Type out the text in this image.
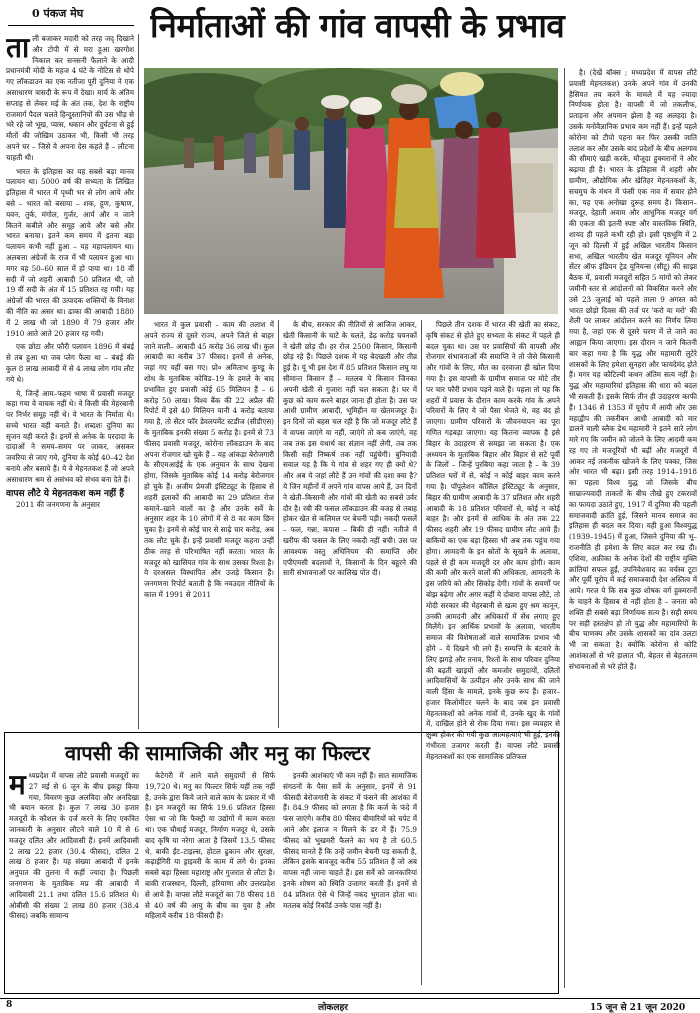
0 पंकज मेघ	निर्माताओं की गांव वापसी के प्रभाव

ताली बजाकर मदारी को तरह जद् दिखाने और टोपी में से मरा हुआ खरगोश निकाल कर सनसनी फैलाने के आदी प्रधानमंत्री मोदी के महज 4 घंटे के नोटिस से थोपे गए लॉकडाउन का एक नतीजा पूरी दुनिया ने एक असाधारण त्रासदी के रूप में देखा। मार्च के अंतिम सप्ताह से लेकर मई के अंत तक, देश के राष्ट्रीय राजमार्ग पैदल चलते हिन्दुस्तानियों की उस भीड़ से भरे रहे जो भूख, प्यास, थकान और दुर्घटना से हुई मौतों की जोखिम उठाकर भी, किसी भी तरह अपने घर – जिसे वे अपना देस कहते हैं – लौटना चाहती थी।

भारत के इतिहास का यह सबसे बड़ा मानव पलायन था। 5000 वर्ष की सभ्यता के लिखित इतिहास में भारत में पृथ्वी भर से लोग आये और बसे – भारत को बसाया – शक, हूण, कुषाण, यवन, तुर्क, मंगोल, गुर्जर, आर्य और न जाने कितने कबीले और समूह आये और बसे और भारत बनाया। इतने कम समय में इतना बड़ा पलायन कभी नहीं हुआ – यह महापलायन था। अलबत्ता अंग्रेजों के राज में भी पलायन हुआ था। मगर वह 50–60 साल में हो पाया था। 18 वीं सदी में जो शहरी आबादी 50 प्रतिशत थी, जो 19 वीं सदी के अंत में 15 प्रतिशत रह गयी। यह अंग्रेजों की भारत की उत्पादक शक्तियों के विनाश की नीति का असर था। ढाका की आबादी 1880 में 2 लाख थी जो 1890 में 79 हजार और 1910 आते आते 20 हजार रह गयी।

एक छोटा और फौरी पलायन 1896 में बंबई से तब हुआ था जब प्लेग फैला था – बंबई की कुल 8 लाख आबादी में से 4 लाख लोग गांव लौट गये थे।

ये, जिन्हें आम–फहम भाषा में प्रवासी मजदूर कहा गया वे वाचक नहीं थे। वे किसी की मेहरबानी पर निर्भर समूह नहीं थे। ये भारत के निर्माता थे। सच्चे भारत वही बनाते हैं। शब्दशः दुनिया का सृजन यही करते हैं। इनमें से अनेक के परदादा के दादाओं ने समय–समय पर जाकर, असकर जवरिया से जाए गये, दुनिया के कोई 40–42 देश बनाये और बसाये हैं। ये वे मेहनतकश हैं जो अपने असाधारण श्रम से असंभव को संभव बना देते हैं।

वापस लौटे ये मेहनतकश कम नहीं हैं

2011 की जनगणना के अनुसार

भारत में कुल प्रवासी – काम की तलाश में अपने राज्य से दूसरे राज्य, अपने जिले से बाहर जाने वाली– आबादी 45 करोड़ 36 लाख थी। कुल आबादी का करीब 37 फीसद। इनमें से अनेक, जहां गए वहीं बस गए। प्रो० अमिताभ कुण्डू के शोध के मुताबिक कोविड–19 के हमले के बाद प्रभावित हुए प्रवासी कोई 65 मिलियन हैं – 6 करोड़ 50 लाख। विश्व बैंक की 22 अप्रैल की रिपोर्ट में इसे 40 मिलियन यानी 4 करोड़ बताया गया है, तो सेंटर फॉर डेवलपमेंट स्टडीज (सीडीएस) के मुताबिक इनकी संख्या 5 करोड़ है। इनमें से 73 फीसद प्रवासी मजदूर, कोरोना लॉकडाउन के बाद अपना रोजगार खो चुके हैं – यह आंकड़ा बेरोजगारी के सीएमआईई के एक अनुमान के साथ देखना होगा, जिसके मुताबिक कोई 14 करोड़ बेरोजगार हो चुके हैं। अजीम प्रेमजी इंस्टिट्यूट के हिसाब से शहरी इलाकों की आबादी का 29 प्रतिशत रोज कमाने–खाने वालों का है और उनके सर्वे के अनुसार शहर के 10 लोगों में से 8 का काम छिन चुका है। इनमें से कोई चार से साढ़े चार करोड़, अब तक लौट चुके हैं। इन्हें प्रवासी मजदूर कहना उन्हीं ठीक तरह से परिभाषित नहीं करता। भारत के मजदूर को खासियत गांव के साथ उसका रिश्ता है। ये दरअसल विस्थापित और उजड़े किसान हैं। जनगणना रिपोर्ट बताती है कि नवउदार नीतियों के काल में 1991 से 2011

के बीच, सरकार की नीतियों से आजिज आकर, खेती किसानी के घाटे के चलते, डेढ़ करोड़ चयनकों ने खेती छोड़ दी। हर रोज 2500 किसान, किसानी छोड़ रहे हैं। पिछले दशक में यह बेदखली और तीव्र हुई है। यूं भी इस देश में 85 प्रतिशत किसान लघु या सीमान्त किसान हैं – मतलब ये किसान जिनका अपनी खेती से गुजारा नहीं चल सकता है। घर में कुछ को काम करने बाहर जाना ही होता है। उस पर आधी ग्रामीण आबादी, भूमिहीन या खेतमजदूर है। इन दिनों जो बहस चल रही है कि जो मजदूर लौटे हैं वे वापस जाएंगे या नहीं, जाएंगे तो कब जाएंगे, वह जब तक इस यथार्थ का संज्ञान नहीं लेगी, तब तक किसी सही निष्कर्ष तक नहीं पहुंचेगी। बुनियादी सवाल यह है कि ये गांव से शहर गए ही क्यों थे? और अब ये जहां लौटे हैं उन गांवों की दशा क्या है? ये जिन महीनों में अपने गांव वापस आये हैं, उन दिनों ने खेती–किसानी और गांवों की खेती का सबसे उर्वर दौर है। रबी की फसल लॉकडाउन की वजह से तबाह होकर खेत से कलिमल पर बेचनी पड़ी। नकदी फसलें – फल, गन्ना, कपास – बिकी ही नहीं। नतीजे में खरीफ की फसल के लिए नकदी नहीं बची। उस पर आवश्यक वस्तु अधिनियम की समाप्ति और एपीएमसी बदलावों ने, किसानों के दिन बहुरने की सारी संभावनाओं पर कालिख पोत दी।

पिछले तीन दशक में भारत की खेती का संकट, कृषि संकट से होते हुए सभ्यता के संकट में पहले ही बदल चुका था। उस पर प्रवासियों की वापसी और रोजगार संभावनाओं की समाप्ति ने तो जैसे किसानी और गांवों के लिए, मौत का दरवाजा ही खोल दिया गया है। इस वापसी के ग्रामीण समाज पर मोटे तौर पर चार फौरी प्रभाव पड़ने वाले हैं। पहला तो यह कि शहरों में प्रवास के दौरान काम करके गांव के अपने परिवारों के लिए ये जो पैसा भेजते थे, वह बंद हो जाएगा। ग्रामीण परिवारों के जीवनयापन का पूरा गणित गड़बड़ा जाएगा। यह कितना व्यापक है इसे बिहार के उदाहरण से समझा जा सकता है। एक अध्ययन के मुताबिक बिहार और बिहार से सटे पूर्वी के जिलों – जिन्हें पुरबिया कहा जाता है – के 39 प्रतिशत घरों में से, कोई न कोई बाहर काम करने गया है। पॉपुलेशन कौंसिल इंस्टिट्यूट के अनुसार, बिहार की ग्रामीण आबादी के 37 प्रतिशत और शहरी आबादी के 18 प्रतिशत परिवारों से, कोई न कोई बाहर है। और इनमें से आधिक के अंत तक 22 फीसद शहरी और 19 फीसद ग्रामीण लौट आये हैं। बाकियों का एक बड़ा हिस्सा भी अब तक पहुंच गया होगा। आमदनी के इन स्रोतों के सूखने के अलावा, पहले से ही कम मजदूरी दर और काम होगी। काम की कमी और करने वालों की अधिकता, आमदनी के इस जरिये को और सिकोड़ देगी। गांवों के सवर्णों पर बोझ बढ़ेगा और अगर कहीं ये दोबारा वापस लौटे, तो मोदी सरकार की मेहरबानी से खत्म हुए श्रम कानून, उनकी आमदनी और अधिकारों में सेंध लगाए हुए मिलेंगे। इन आर्थिक प्रभावों के अलावा, भारतीय समाज की विशेषताओं वाले सामाजिक प्रभाव भी होंगे – ये दिखने भी लगे हैं। सम्पत्ति के बंटवारे के लिए झगड़े और तनाव, रिश्तों के साथ परिवार दुनिया की बढ़ती खाइयों और कमजोर समुदायों, दलितों आदिवासियों के उत्पीड़न और उनके साथ की जाने वाली हिंसा के मामले, इनके कुछ रूप हैं। हजार–हजार किलोमीटर चलने के बाद जब इन प्रवासी मेहनतकशों को अनेक गांवों में, उनके खुद के गांवों में, दाखिल होने से रोक दिया गया। इस व्यवहार से क्षुब्ध होकर की गयी कुछ आत्महत्याएं भी हुईं, इनकी गंभीरता उजागर करती हैं। वापस लौटे प्रवासी मेहनतकशों का एक सामाजिक प्रतिफल

है। (देखें बॉक्स ; मध्यप्रदेश में वापस लौटे प्रवासी मेहनतकश) उनके अपने गांव में उनकी हैसियत तय करने के मामले में यह ज्यादा निर्णायक होता है। वापसी में जो तकलीफ, प्रताड़ना और अपमान झेला है वह अलहदा है। उसके मनोवैज्ञानिक प्रभाव कम नहीं हैं। इन्हें पहले कोरोना को टीपो पहना कर फिर उसकी जाति तलाश कर और उसके बाद प्रदेशों के बीच अलगाव की सीमाएं खड़ी करके, मौजूदा हुक्मरानों ने और बढ़ाया ही है। भारत के इतिहास में शहरी और ग्रामीण, औद्योगिक और खेतिहर मेहनतकशों के, सचमुच के मंथन में फंसी एक नाव में सवार होने का, यह एक अनोखा दुरूह समय है। किसान–मजदूर, देहाती अवाम और आधुनिक मजदूर वर्ग की एकता की इतनी स्पष्ट और वास्तविक स्थिति, शायद ही पहले कभी रही हो। इसी पृष्ठभूमि में 2 जून को दिल्ली में हुई अखिल भारतीय किसान सभा, अखिल भारतीय खेत मजदूर यूनियन और सेंटर ऑफ इंडियन ट्रेड यूनियन्स (सीटू) की साझा बैठक में, प्रवासी मजदूरों सहित 5 मांगों को लेकर जमीनी स्तर से आंदोलनों को विकसित करने और उसे 23 जुलाई को पहले ताला 9 अगस्त को भारत छोड़ो दिवस की तर्ज पर 'करो या मरो' की शैली पर लाकर आंदोलन करने का निर्णय लिया गया है, जहां एक से दूसरे चरण में ले जाने का आह्वान किया जाएगा। इस दौरान न जाने कितनी बार कहा गया है कि युद्ध और महामारी लुटेरे शासकों के लिए हमेशा सुनहरा और फायदेमंद होते हैं। मगर यह कौटिल्यी कथन अंतिम सत्य नहीं है। युद्ध और महामारियां इतिहास की धारा को बदल भी सकती हैं। इसके सिर्फ तीन ही उदाहरण काफी हैं। 1346 से 1353 में यूरोप में आयी और उस महाद्वीप की तकरीबन आधी आबादी को मार डालने वाली ब्लैक डेथ महामारी ने इतने सारे लोग मारे गए कि जमीन को जोतने के लिए आदमी कम रह गए तो मजदूरियों भी बढ़ीं और मजदूरों में आकर नई तकनीक खोजने के लिए पक्का, जिस ओर भारत भी बढ़ा। इसी तरह 1914–1918 का पहला विश्व युद्ध जो जिसके बीच साम्राज्यवादी ताकतों के बीच तीखे हुए टकरावों का फायदा उठाते हुए, 1917 में दुनिया की पहली समाजवादी क्रांति हुई, जिसने मानव समाज का इतिहास ही बदल कर दिया। यही हुआ विश्वयुद्ध (1939–1945) में हुआ, जिसने दुनिया की भू–राजनीति ही हमेशा के लिए बदल कर रख दी। एशिया, अफ्रीका के अनेक देशों की राष्ट्रीय मुक्ति क्रांतियां सफल हुईं, उपनिवेशवाद का वर्चस्व टूटा और पूर्वी यूरोप में कई समाजवादी देश अस्तित्व में आये। गरज ये कि सब कुछ शोषक वर्ग हुक्मरानों के चाहने के हिसाब से नहीं होता है – जनता को शक्ति ही सबसे बड़ा निर्णायक सत्य है। सही समय पर सही हस्तक्षेप हो तो युद्ध और महामारियों के बीच चाणक्य और उसके शासकों का दांव उलटा भी जा सकता है। क्योंकि कोरोना से कोटि आशंकाओं से भरे हालात भी, बेहतर से बेहतरतम संभावनाओं से भरे होते हैं।

वापसी की सामाजिकी और मनु का फिल्टर

मध्यप्रदेश में वापस लौटे प्रवासी मजदूरों का 27 मई से 6 जून के बीच इकट्ठा किया गया, विवरण कुछ अलविदा और अनदिखा भी बयान करता है। कुल 7 लाख 30 हजार मजदूरों के कौशल के दर्ज करने के लिए एकत्रित जानकारी के अनुसार लौटने वाले 10 में से 6 मजदूर दलित और आदिवासी हैं। इनमें आदिवासी 2 लाख 22 हजार (30.4 फीसद), दलित 2 लाख 8 हजार हैं। यह संख्या आबादी में इनके अनुपात की तुलना में कहीं ज्यादा है। पिछली जनगणना के मुताबिक मप्र की आबादी में आदिवासी 21.1 तथा दलित 15.6 प्रतिशत थे। ओबीसी की संख्या 2 लाख 80 हजार (38.4 फीसद) जबकि सामान्य

केटेगरी में आने वाले समुदायों से सिर्फ 19,720 थे। मनु का फिल्टर सिर्फ यहीं तक नहीं है, उनके द्वारा किये जाने वाले काम के प्रकार में भी है। इन मजदूरों का सिर्फ 19.6 प्रतिशत हिस्सा ऐसा था जो कि फैक्ट्री या उद्योगों में काम करता था। एक चौथाई मजदूर, निर्माण मजदूर थे, उसके बाद कृषि या नरेगा आता है जिसमें 13.5 फीसद थे, बाकी ईंट–टाइल्स, होटल ढुकान और सुरक्षा, कढ़ाईगिरी या ड्राइवरी के काम में लगे थे। इनका सबसे बड़ा हिस्सा महाराष्ट्र और गुजरात से लौटा है। बाकी राजस्थान, दिल्ली, हरियाणा और उत्तरप्रदेश से आये हैं। वापस लौटे मजदूरों का 78 फीसद 18 से 40 वर्ष की आयु के बीच का युवा है और महिलायें करीब 18 फीसदी हैं।

इनकी आशंकाएं भी कम नहीं हैं। सात सामाजिक संगठनों के पैसा सर्वे के अनुसार, इनमें से 91 फीसदी बेरोजगारी के संकट में फंसने की आशंका में हैं। 84.9 फीसद को लगता है कि कर्ज के फंदे में फंस जाएंगे। करीब 80 फीसद बीमारियों को चपेट में आने और इलाज न मिलने के डर में हैं। 75.9 फीसद को भुखमरी फैलने का भय है तो 60.5 फीसद मानते हैं कि उन्हें जमीन बेचनी पड़ सकती है, लेकिन इसके बावजूद करीब 55 प्रतिशत हैं जो अब वापस नहीं जाना चाहते हैं। इस सर्वे को जानकारियां इनके शोषण को स्थिति उजागर करती हैं। इनमें से 84 प्रतिशत ऐसे थे जिन्हें नकद भुगतान होता था। मतलब कोई रिकॉर्ड उनके पास नहीं है।

8	लोकलहर	15 जून से 21 जून 2020
